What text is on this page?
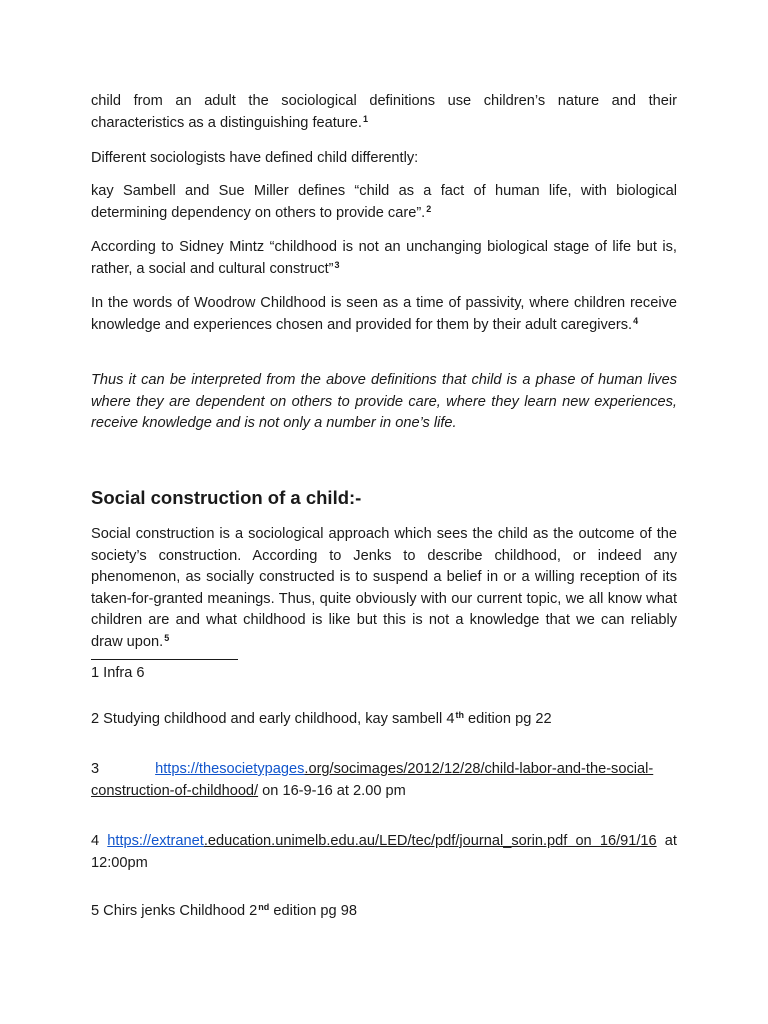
child from an adult the sociological definitions use children’s nature and their characteristics as a distinguishing feature.$^1$

Different sociologists have defined child differently:

kay Sambell and Sue Miller defines “child as a fact of human life, with biological determining dependency on others to provide care”.$^2$

According to Sidney Mintz “childhood is not an unchanging biological stage of life but is, rather, a social and cultural construct”$^3$

In the words of Woodrow Childhood is seen as a time of passivity, where children receive knowledge and experiences chosen and provided for them by their adult caregivers.$^4$

Thus it can be interpreted from the above definitions that child is a phase of human lives where they are dependent on others to provide care, where they learn new experiences, receive knowledge and is not only a number in one’s life.

Social construction of a child:-

Social construction is a sociological approach which sees the child as the outcome of the society’s construction. According to Jenks to describe childhood, or indeed any phenomenon, as socially constructed is to suspend a belief in or a willing reception of its taken-for-granted meanings. Thus, quite obviously with our current topic, we all know what children are and what childhood is like but this is not a knowledge that we can reliably draw upon.$^5$

1 Infra 6

2 Studying childhood and early childhood, kay sambell 4th edition pg 22

3	https://thesocietypages.org/socimages/2012/12/28/child-labor-and-the-social-construction-of-childhood/ on 16-9-16 at 2.00 pm

4 https://extranet.education.unimelb.edu.au/LED/tec/pdf/journal_sorin.pdf on 16/91/16 at 12:00pm

5 Chirs jenks Childhood 2nd edition pg 98
